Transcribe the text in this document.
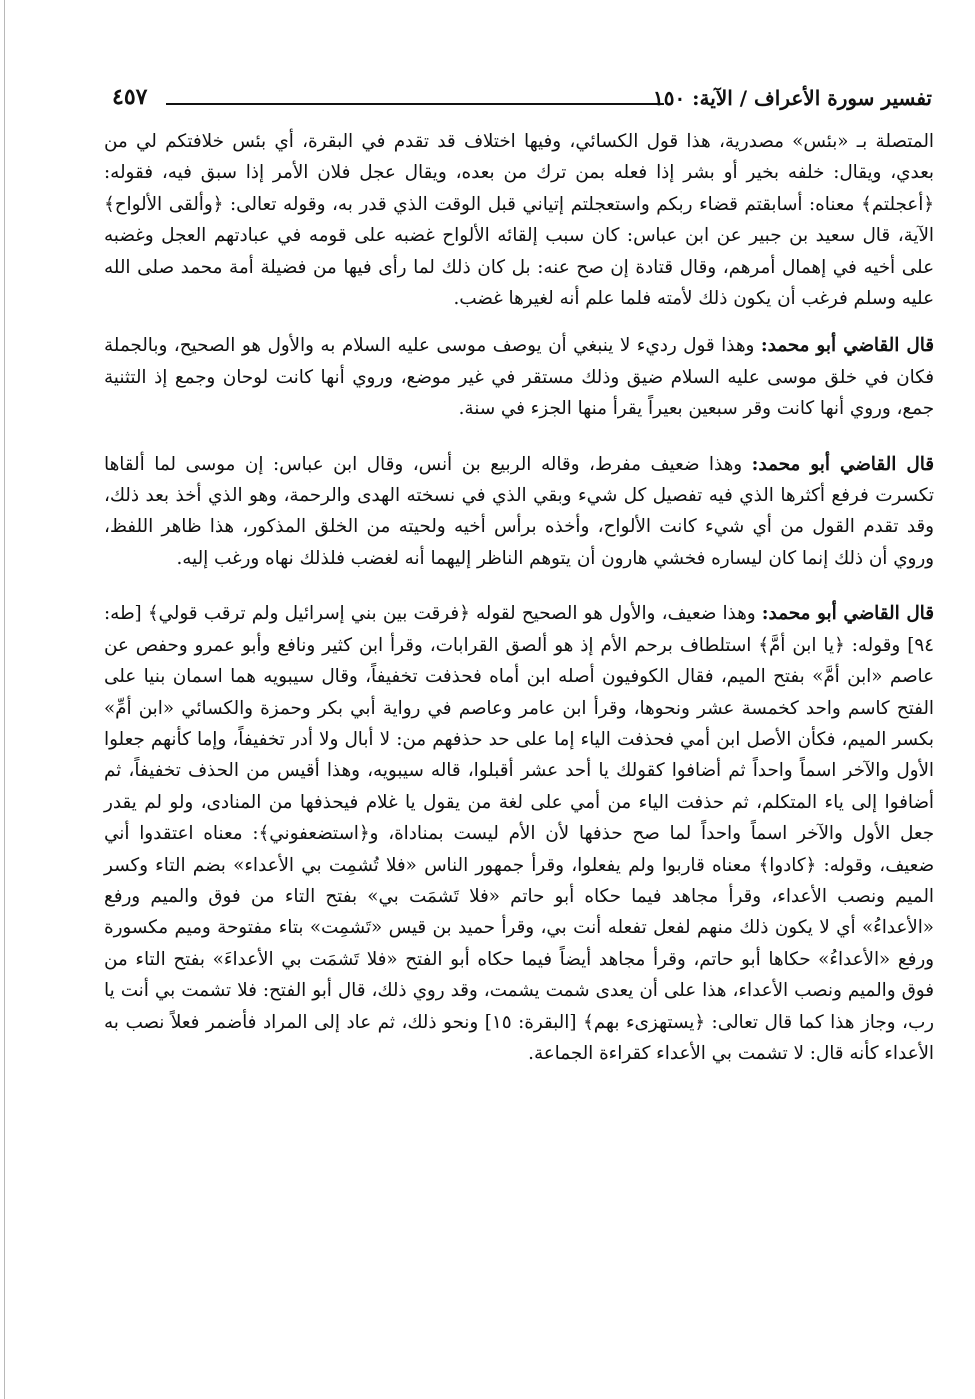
تفسير سورة الأعراف / الآية: ١٥٠
٤٥٧

المتصلة بـ «بئس» مصدرية، هذا قول الكسائي، وفيها اختلاف قد تقدم في البقرة، أي بئس خلافتكم لي من بعدي، ويقال: خلفه بخير أو بشر إذا فعله بمن ترك من بعده، ويقال عجل فلان الأمر إذا سبق فيه، فقوله: ﴿أعجلتم﴾ معناه: أسابقتم قضاء ربكم واستعجلتم إتياني قبل الوقت الذي قدر به، وقوله تعالى: ﴿وألقى الألواح﴾ الآية، قال سعيد بن جبير عن ابن عباس: كان سبب إلقائه الألواح غضبه على قومه في عبادتهم العجل وغضبه على أخيه في إهمال أمرهم، وقال قتادة إن صح عنه: بل كان ذلك لما رأى فيها من فضيلة أمة محمد صلى الله عليه وسلم فرغب أن يكون ذلك لأمته فلما علم أنه لغيرها غضب.

قال القاضي أبو محمد: وهذا قول رديء لا ينبغي أن يوصف موسى عليه السلام به والأول هو الصحيح، وبالجملة فكان في خلق موسى عليه السلام ضيق وذلك مستقر في غير موضع، وروي أنها كانت لوحان وجمع إذ التثنية جمع، وروي أنها كانت وقر سبعين بعيراً يقرأ منها الجزء في سنة.

قال القاضي أبو محمد: وهذا ضعيف مفرط، وقاله الربيع بن أنس، وقال ابن عباس: إن موسى لما ألقاها تكسرت فرفع أكثرها الذي فيه تفصيل كل شيء وبقي الذي في نسخته الهدى والرحمة، وهو الذي أخذ بعد ذلك، وقد تقدم القول من أي شيء كانت الألواح، وأخذه برأس أخيه ولحيته من الخلق المذكور، هذا ظاهر اللفظ، وروي أن ذلك إنما كان ليساره فخشي هارون أن يتوهم الناظر إليهما أنه لغضب فلذلك نهاه ورغب إليه.

قال القاضي أبو محمد: وهذا ضعيف، والأول هو الصحيح لقوله ﴿فرقت بين بني إسرائيل ولم ترقب قولي﴾ [طه: ٩٤] وقوله: ﴿يا ابن أمَّ﴾ استلطاف برحم الأم إذ هو ألصق القرابات، وقرأ ابن كثير ونافع وأبو عمرو وحفص عن عاصم «ابن أمَّ» بفتح الميم، فقال الكوفيون أصله ابن أماه فحذفت تخفيفاً، وقال سيبويه هما اسمان بنيا على الفتح كاسم واحد كخمسة عشر ونحوها، وقرأ ابن عامر وعاصم في رواية أبي بكر وحمزة والكسائي «ابن أمِّ» بكسر الميم، فكأن الأصل ابن أمي فحذفت الياء إما على حد حذفهم من: لا أبال ولا أدر تخفيفاً، وإما كأنهم جعلوا الأول والآخر اسماً واحداً ثم أضافوا كقولك يا أحد عشر أقبلوا، قاله سيبويه، وهذا أقيس من الحذف تخفيفاً، ثم أضافوا إلى ياء المتكلم، ثم حذفت الياء من أمي على لغة من يقول يا غلام فيحذفها من المنادى، ولو لم يقدر جعل الأول والآخر اسماً واحداً لما صح حذفها لأن الأم ليست بمناداة، و﴿استضعفوني﴾: معناه اعتقدوا أني ضعيف، وقوله: ﴿كادوا﴾ معناه قاربوا ولم يفعلوا، وقرأ جمهور الناس «فلا تُشمِت بي الأعداء» بضم التاء وكسر الميم ونصب الأعداء، وقرأ مجاهد فيما حكاه أبو حاتم «فلا تَشمَت بي» بفتح التاء من فوق والميم ورفع «الأعداءُ» أي لا يكون ذلك منهم لفعل تفعله أنت بي، وقرأ حميد بن قيس «تَشمِت» بتاء مفتوحة وميم مكسورة ورفع «الأعداءُ» حكاها أبو حاتم، وقرأ مجاهد أيضاً فيما حكاه أبو الفتح «فلا تَشمَت بي الأعداءَ» بفتح التاء من فوق والميم ونصب الأعداء، هذا على أن يعدى شمت يشمت، وقد روي ذلك، قال أبو الفتح: فلا تشمت بي أنت يا رب، وجاز هذا كما قال تعالى: ﴿يستهزىء بهم﴾ [البقرة: ١٥] ونحو ذلك، ثم عاد إلى المراد فأضمر فعلاً نصب به الأعداء كأنه قال: لا تشمت بي الأعداء كقراءة الجماعة.
